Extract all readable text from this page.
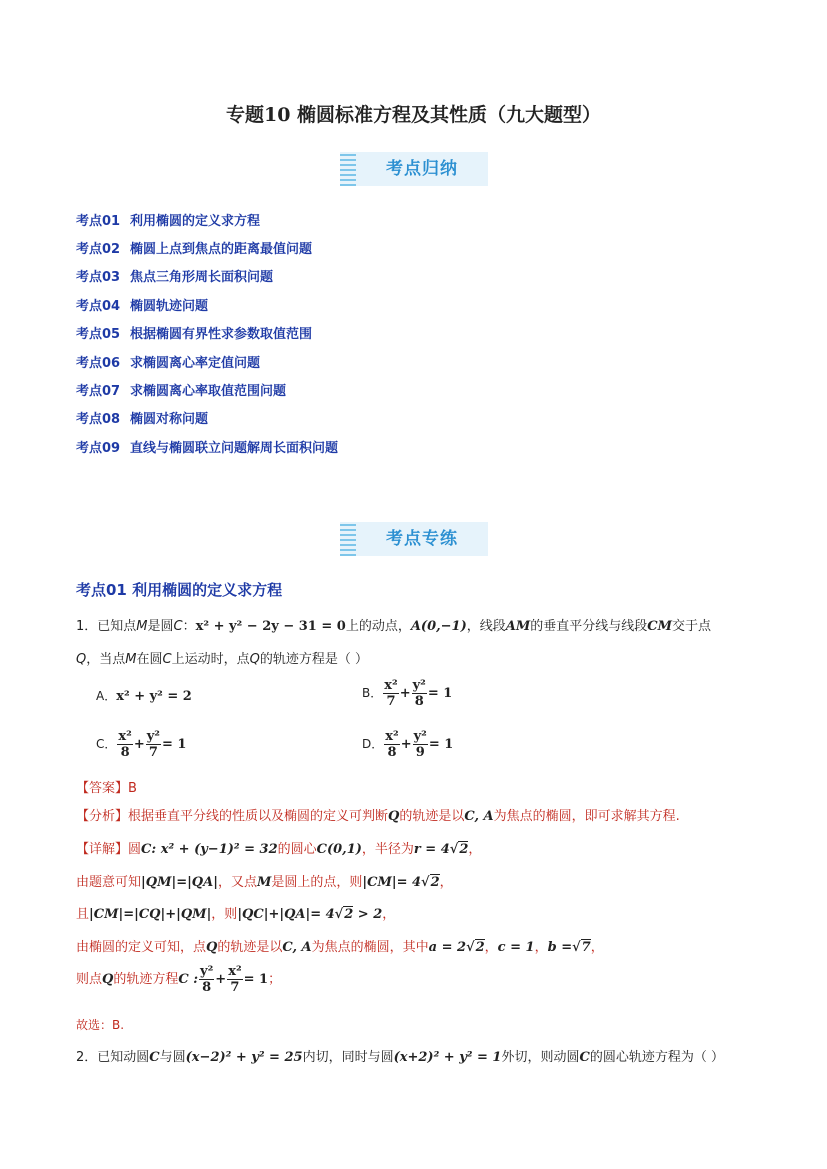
专题10 椭圆标准方程及其性质（九大题型）
考点归纳
考点01 利用椭圆的定义求方程
考点02 椭圆上点到焦点的距离最值问题
考点03 焦点三角形周长面积问题
考点04 椭圆轨迹问题
考点05 根据椭圆有界性求参数取值范围
考点06 求椭圆离心率定值问题
考点07 求椭圆离心率取值范围问题
考点08 椭圆对称问题
考点09 直线与椭圆联立问题解周长面积问题
考点专练
考点01 利用椭圆的定义求方程
1．已知点M是圆C：x² + y² − 2y − 31 = 0上的动点，A(0,−1)，线段AM的垂直平分线与线段CM交于点
Q，当点M在圆C上运动时，点Q的轨迹方程是（ ）
A．x² + y² = 2	B． $\frac{\text{x²}}{7} + \frac{\text{y²}}{8} = 1$
C． $\frac{\text{x²}}{8} + \frac{\text{y²}}{7} = 1$	D． $\frac{\text{x²}}{8} + \frac{\text{y²}}{9} = 1$
【答案】B
【分析】根据垂直平分线的性质以及椭圆的定义可判断Q的轨迹是以C, A为焦点的椭圆，即可求解其方程.
【详解】圆C: x² + (y−1)² = 32的圆心C(0,1)，半径为r = 4√2，
由题意可知|QM|=|QA|，又点M是圆上的点，则|CM|= 4√2，
且|CM|=|CQ|+|QM|，则|QC|+|QA|= 4√2 > 2，
由椭圆的定义可知，点Q的轨迹是以C, A为焦点的椭圆，其中a = 2√2，c = 1，b =√7，
则点Q的轨迹方程C : $\frac{\text{y²}}{8} + \frac{\text{x²}}{7} = 1$；
故选：B.
2．已知动圆C与圆(x−2)² + y² = 25内切，同时与圆(x+2)² + y² = 1外切，则动圆C的圆心轨迹方程为（ ）
